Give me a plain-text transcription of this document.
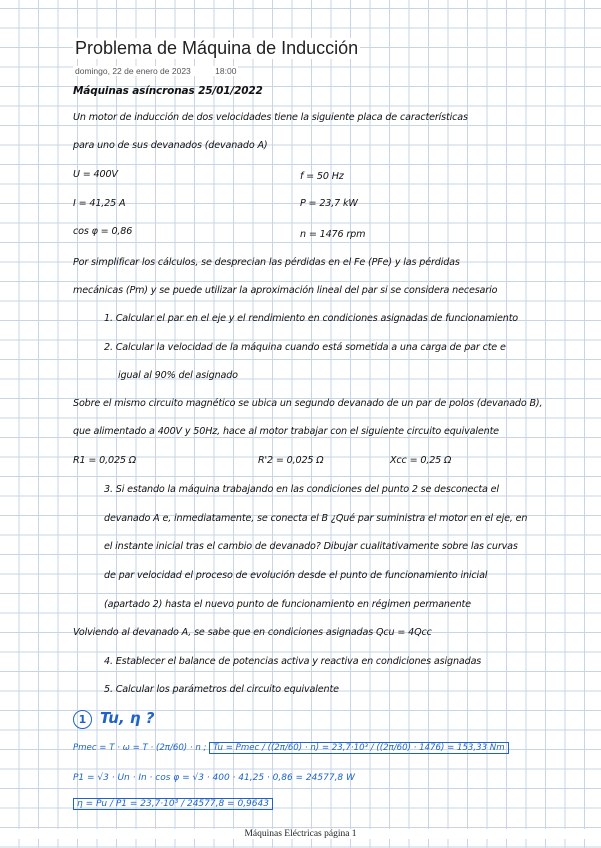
Problema de Máquina de Inducción
domingo, 22 de enero de 2023	18:00
Máquinas asíncronas 25/01/2022
Un motor de inducción de dos velocidades tiene la siguiente placa de características
para uno de sus devanados (devanado A)
U = 400V	f = 50 Hz
I = 41,25 A	P = 23,7 kW
cos φ = 0,86	n = 1476 rpm
Por simplificar los cálculos, se desprecian las pérdidas en el Fe (PFe) y las pérdidas
mecánicas (Pm) y se puede utilizar la aproximación lineal del par si se considera necesario
1. Calcular el par en el eje y el rendimiento en condiciones asignadas de funcionamiento
2. Calcular la velocidad de la máquina cuando está sometida a una carga de par cte e
igual al 90% del asignado
Sobre el mismo circuito magnético se ubica un segundo devanado de un par de polos (devanado B),
que alimentado a 400V y 50Hz, hace al motor trabajar con el siguiente circuito equivalente
R1 = 0,025 Ω	R'2 = 0,025 Ω	Xcc = 0,25 Ω
3. Si estando la máquina trabajando en las condiciones del punto 2 se desconecta el
devanado A e, inmediatamente, se conecta el B ¿Qué par suministra el motor en el eje, en
el instante inicial tras el cambio de devanado? Dibujar cualitativamente sobre las curvas
de par velocidad el proceso de evolución desde el punto de funcionamiento inicial
(apartado 2) hasta el nuevo punto de funcionamiento en régimen permanente
Volviendo al devanado A, se sabe que en condiciones asignadas Qcu = 4Qcc
4. Establecer el balance de potencias activa y reactiva en condiciones asignadas
5. Calcular los parámetros del circuito equivalente
1 Tu, η ?
Pmec = T · ω = T · (2π/60) · n ; Tu = Pmec / ((2π/60) · n) = 23,7·10³ / ((2π/60) · 1476) = 153,33 Nm
P1 = √3 · Un · In · cos φ = √3 · 400 · 41,25 · 0,86 = 24577,8 W
η = Pu / P1 = 23,7·10³ / 24577,8 = 0,9643
Máquinas Eléctricas página 1
